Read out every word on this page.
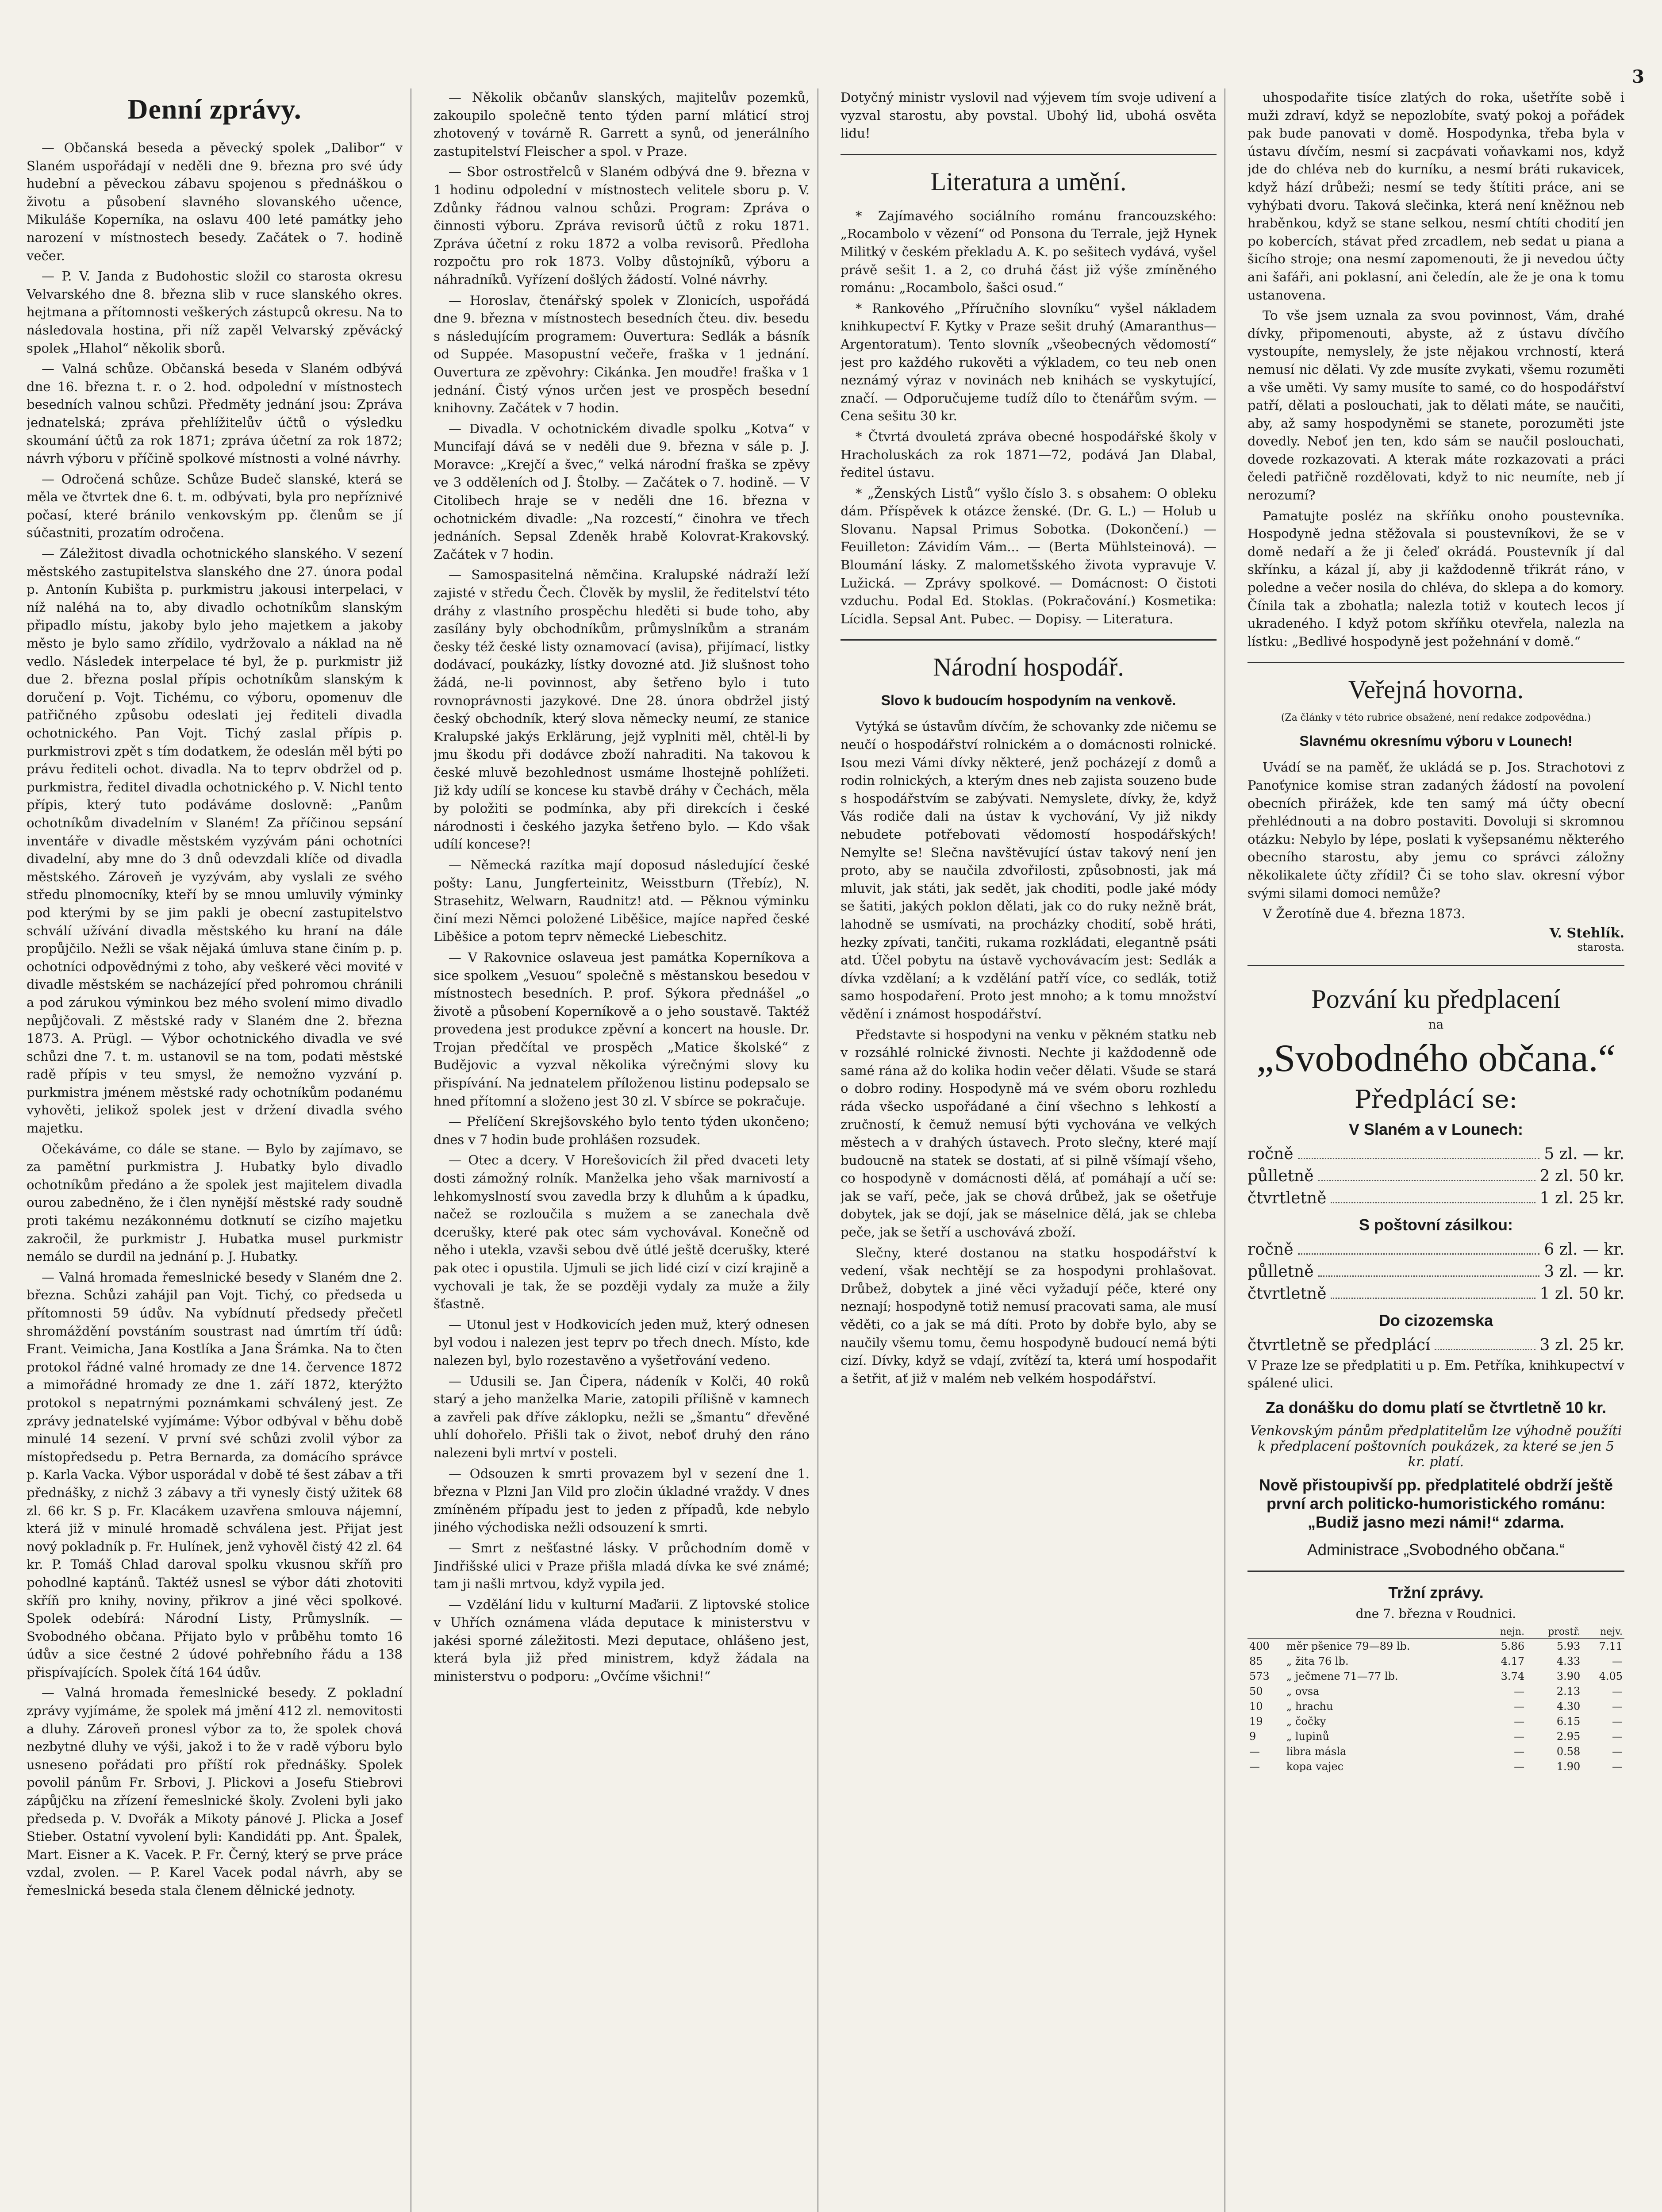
3
Denní zprávy.

— Občanská beseda a pěvecký spolek „Dalibor“ v Slaném uspořádají v neděli dne 9. března pro své údy hudební a pěveckou zábavu spojenou s přednáškou o životu a působení slavného slovanského učence, Mikuláše Koperníka, na oslavu 400 leté památky jeho narození v místnostech besedy. Začátek o 7. hodině večer.

— P. V. Janda z Budohostic složil co starosta okresu Velvarského dne 8. března slib v ruce slanského okres. hejtmana a přítomnosti veškerých zástupců okresu. Na to následovala hostina, při níž zapěl Velvarský zpěvácký spolek „Hlahol“ několik sborů.

— Valná schůze. Občanská beseda v Slaném odbývá dne 16. března t. r. o 2. hod. odpolední v místnostech besedních valnou schůzi. Předměty jednání jsou: Zpráva jednatelská; zpráva přehlížitelův účtů o výsledku skoumání účtů za rok 1871; zpráva účetní za rok 1872; návrh výboru v příčině spolkové místnosti a volné návrhy.

— Odročená schůze. Schůze Budeč slanské, která se měla ve čtvrtek dne 6. t. m. odbývati, byla pro nepříznivé počasí, které bránilo venkovským pp. členům se jí súčastniti, prozatím odročena.

— Záležitost divadla ochotnického slanského. V sezení městského zastupitelstva slanského dne 27. února podal p. Antonín Kubišta p. purkmistru jakousi interpelaci, v níž naléhá na to, aby divadlo ochotníkům slanským připadlo místu, jakoby bylo jeho majetkem a jakoby město je bylo samo zřídilo, vydržovalo a náklad na ně vedlo. Následek interpelace té byl, že p. purkmistr již due 2. března poslal přípis ochotníkům slanským k doručení p. Vojt. Tichému, co výboru, opomenuv dle patřičného způsobu odeslati jej řediteli divadla ochotnického. Pan Vojt. Tichý zaslal přípis p. purkmistrovi zpět s tím dodatkem, že odeslán měl býti po právu řediteli ochot. divadla. Na to teprv obdržel od p. purkmistra, ředitel divadla ochotnického p. V. Nichl tento přípis, který tuto podáváme doslovně: „Panům ochotníkům divadelním v Slaném! Za příčinou sepsání inventáře v divadle městském vyzývám páni ochotníci divadelní, aby mne do 3 dnů odevzdali klíče od divadla městského. Zároveň je vyzývám, aby vyslali ze svého středu plnomocníky, kteří by se mnou umluvily výminky pod kterými by se jim pakli je obecní zastupitelstvo schválí užívání divadla městského ku hraní na dále propůjčilo. Nežli se však nějaká úmluva stane činím p. p. ochotníci odpovědnými z toho, aby veškeré věci movité v divadle městském se nacházející před pohromou chránili a pod zárukou výminkou bez mého svolení mimo divadlo nepůjčovali. Z městské rady v Slaném dne 2. března 1873. A. Prügl. — Výbor ochotnického divadla ve své schůzi dne 7. t. m. ustanovil se na tom, podati městské radě přípis v teu smysl, že nemožno vyzvání p. purkmistra jménem městské rady ochotníkům podanému vyhověti, jelikož spolek jest v držení divadla svého majetku.

Očekáváme, co dále se stane. — Bylo by zajímavo, se za pamětní purkmistra J. Hubatky bylo divadlo ochotníkům předáno a že spolek jest majitelem divadla ourou zabedněno, že i člen nynější městské rady soudně proti takému nezákonnému dotknutí se cizího majetku zakročil, že purkmistr J. Hubatka musel purkmistr nemálo se durdil na jednání p. J. Hubatky.

— Valná hromada řemeslnické besedy v Slaném dne 2. března. Schůzi zahájil pan Vojt. Tichý, co předseda u přítomnosti 59 údův. Na vybídnutí předsedy přečetl shromáždění povstáním soustrast nad úmrtím tří údů: Frant. Veimicha, Jana Kostlíka a Jana Šrámka. Na to čten protokol řádné valné hromady ze dne 14. července 1872 a mimořádné hromady ze dne 1. září 1872, kterýžto protokol s nepatrnými poznámkami schválený jest. Ze zprávy jednatelské vyjímáme: Výbor odbýval v běhu době minulé 14 sezení. V první své schůzi zvolil výbor za místopředsedu p. Petra Bernarda, za domácího správce p. Karla Vacka. Výbor usporádal v době té šest zábav a tři přednášky, z nichž 3 zábavy a tři vynesly čistý užitek 68 zl. 66 kr. S p. Fr. Klacákem uzavřena smlouva nájemní, která již v minulé hromadě schválena jest. Přijat jest nový pokladník p. Fr. Hulínek, jenž vyhověl čistý 42 zl. 64 kr. P. Tomáš Chlad daroval spolku vkusnou skříň pro pohodlné kaptánů. Taktéž usnesl se výbor dáti zhotoviti skříň pro knihy, noviny, přikrov a jiné věci spolkové. Spolek odebírá: Národní Listy, Průmyslník. — Svobodného občana. Přijato bylo v průběhu tomto 16 údův a sice čestné 2 údové pohřebního řádu a 138 přispívajících. Spolek čítá 164 údův.

— Valná hromada řemeslnické besedy. Z pokladní zprávy vyjímáme, že spolek má jmění 412 zl. nemovitosti a dluhy. Zároveň pronesl výbor za to, že spolek chová nezbytné dluhy ve výši, jakož i to že v radě výboru bylo usneseno pořádati pro příští rok přednášky. Spolek povolil pánům Fr. Srbovi, J. Plickovi a Josefu Stiebrovi zápůjčku na zřízení řemeslnické školy. Zvoleni byli jako předseda p. V. Dvořák a Mikoty pánové J. Plicka a Josef Stieber. Ostatní vyvolení byli: Kandidáti pp. Ant. Špalek, Mart. Eisner a K. Vacek. P. Fr. Černý, který se prve práce vzdal, zvolen. — P. Karel Vacek podal návrh, aby se řemeslnická beseda stala členem dělnické jednoty.

— Několik občanův slanských, majitelův pozemků, zakoupilo společně tento týden parní mláticí stroj zhotovený v továrně R. Garrett a synů, od jenerálního zastupitelství Fleischer a spol. v Praze.

— Sbor ostrostřelců v Slaném odbývá dne 9. března v 1 hodinu odpolední v místnostech velitele sboru p. V. Zdůnky řádnou valnou schůzi. Program: Zpráva o činnosti výboru. Zpráva revisorů účtů z roku 1871. Zpráva účetní z roku 1872 a volba revisorů. Předloha rozpočtu pro rok 1873. Volby důstojníků, výboru a náhradníků. Vyřízení došlých žádostí. Volné návrhy.

— Horoslav, čtenářský spolek v Zlonicích, uspořádá dne 9. března v místnostech besedních čteu. div. besedu s následujícím programem: Ouvertura: Sedlák a básník od Suppée. Masopustní večeře, fraška v 1 jednání. Ouvertura ze zpěvohry: Cikánka. Jen moudře! fraška v 1 jednání. Čistý výnos určen jest ve prospěch besední knihovny. Začátek v 7 hodin.

— Divadla. V ochotnickém divadle spolku „Kotva“ v Muncifají dává se v neděli due 9. března v sále p. J. Moravce: „Krejčí a švec,“ velká národní fraška se zpěvy ve 3 odděleních od J. Štolby. — Začátek o 7. hodině. — V Citolibech hraje se v neděli dne 16. března v ochotnickém divadle: „Na rozcestí,“ činohra ve třech jednáních. Sepsal Zdeněk hrabě Kolovrat-Krakovský. Začátek v 7 hodin.

— Samospasitelná němčina. Kralupské nádraží leží zajisté v středu Čech. Člověk by myslil, že ředitelství této dráhy z vlastního prospěchu hleděti si bude toho, aby zasílány byly obchodníkům, průmyslníkům a stranám česky též české listy oznamovací (avisa), přijímací, listky dodávací, poukázky, lístky dovozné atd. Již slušnost toho žádá, ne-li povinnost, aby šetřeno bylo i tuto rovnoprávnosti jazykové. Dne 28. února obdržel jistý český obchodník, který slova německy neumí, ze stanice Kralupské jakýs Erklärung, jejž vyplniti měl, chtěl-li by jmu škodu při dodávce zboží nahraditi. Na takovou k české mluvě bezohlednost usmáme lhostejně pohlížeti. Již kdy udílí se koncese ku stavbě dráhy v Čechách, měla by položiti se podmínka, aby při direkcích i české národnosti i českého jazyka šetřeno bylo. — Kdo však udílí koncese?!

— Německá razítka mají doposud následující české pošty: Lanu, Jungferteinitz, Weisstburn (Třebíz), N. Strasehitz, Welwarn, Raudnitz! atd. — Pěknou výminku činí mezi Němci položené Liběšice, majíce napřed české Liběšice a potom teprv německé Liebeschitz.

— V Rakovnice oslaveua jest památka Koperníkova a sice spolkem „Vesuou“ společně s městanskou besedou v místnostech besedních. P. prof. Sýkora přednášel „o životě a působení Koperníkově a o jeho soustavě. Taktéž provedena jest produkce zpěvní a koncert na housle. Dr. Trojan předčítal ve prospěch „Matice školské“ z Budějovic a vyzval několika výrečnými slovy ku přispívání. Na jednatelem příloženou listinu podepsalo se hned přítomní a složeno jest 30 zl. V sbírce se pokračuje.

— Přelíčení Skrejšovského bylo tento týden ukončeno; dnes v 7 hodin bude prohlášen rozsudek.

— Otec a dcery. V Horešovicích žil před dvaceti lety dosti zámožný rolník. Manželka jeho však marnivostí a lehkomyslností svou zavedla brzy k dluhům a k úpadku, načež se rozloučila s mužem a se zanechala dvě dcerušky, které pak otec sám vychovával. Konečně od něho i utekla, vzavši sebou dvě útlé ještě dcerušky, které pak otec i opustila. Ujmuli se jich lidé cizí v cizí krajině a vychovali je tak, že se později vydaly za muže a žily šťastně.

— Utonul jest v Hodkovicích jeden muž, který odnesen byl vodou i nalezen jest teprv po třech dnech. Místo, kde nalezen byl, bylo rozestavěno a vyšetřování vedeno.

— Udusili se. Jan Čipera, nádeník v Kolči, 40 roků starý a jeho manželka Marie, zatopili přílišně v kamnech a zavřeli pak dříve záklopku, nežli se „šmantu“ dřevěné uhlí dohořelo. Přišli tak o život, neboť druhý den ráno nalezeni byli mrtví v posteli.

— Odsouzen k smrti provazem byl v sezení dne 1. března v Plzni Jan Vild pro zločin úkladné vraždy. V dnes zmíněném případu jest to jeden z případů, kde nebylo jiného východiska nežli odsouzení k smrti.

— Smrt z nešťastné lásky. V průchodním domě v Jindřišské ulici v Praze přišla mladá dívka ke své známé; tam ji našli mrtvou, když vypila jed.

— Vzdělání lidu v kulturní Maďarii. Z liptovské stolice v Uhřích oznámena vláda deputace k ministerstvu v jakési sporné záležitosti. Mezi deputace, ohlášeno jest, která byla již před ministrem, když žádala na ministerstvu o podporu: „Ovčíme všichni!“

Dotyčný ministr vyslovil nad výjevem tím svoje udivení a vyzval starostu, aby povstal. Ubohý lid, ubohá osvěta lidu!

Literatura a umění.

* Zajímavého sociálního románu francouzského: „Rocambolo v vězení“ od Ponsona du Terrale, jejž Hynek Militký v českém překladu A. K. po sešitech vydává, vyšel právě sešit 1. a 2, co druhá část již výše zmíněného románu: „Rocambolo, šašci osud.“

* Rankového „Příručního slovníku“ vyšel nákladem knihkupectví F. Kytky v Praze sešit druhý (Amaranthus—Argentoratum). Tento slovník „všeobecných vědomostí“ jest pro každého rukověti a výkladem, co teu neb onen neznámý výraz v novinách neb knihách se vyskytující, značí. — Odporučujeme tudíž dílo to čtenářům svým. — Cena sešitu 30 kr.

* Čtvrtá dvouletá zpráva obecné hospodářské školy v Hracholuskách za rok 1871—72, podává Jan Dlabal, ředitel ústavu.

* „Ženských Listů“ vyšlo číslo 3. s obsahem: O obleku dám. Příspěvek k otázce ženské. (Dr. G. L.) — Holub u Slovanu. Napsal Primus Sobotka. (Dokončení.) — Feuilleton: Závidím Vám... — (Berta Mühlsteinová). — Bloumání lásky. Z malometšského života vypravuje V. Lužická. — Zprávy spolkové. — Domácnost: O čistoti vzduchu. Podal Ed. Stoklas. (Pokračování.) Kosmetika: Lícidla. Sepsal Ant. Pubec. — Dopisy. — Literatura.

Národní hospodář.
Slovo k budoucím hospodyním na venkově.

Vytýká se ústavům dívčím, že schovanky zde ničemu se neučí o hospodářství rolnickém a o domácnosti rolnické. Isou mezi Vámi dívky některé, jenž pocházejí z domů a rodin rolnických, a kterým dnes neb zajista souzeno bude s hospodářstvím se zabývati. Nemyslete, dívky, že, když Vás rodiče dali na ústav k vychování, Vy již nikdy nebudete potřebovati vědomostí hospodářských! Nemylte se! Slečna navštěvující ústav takový není jen proto, aby se naučila zdvořilosti, způsobnosti, jak má mluvit, jak státi, jak sedět, jak choditi, podle jaké módy se šatiti, jakých poklon dělati, jak co do ruky nežně brát, lahodně se usmívati, na procházky chodití, sobě hráti, hezky zpívati, tančiti, rukama rozkládati, elegantně psáti atd. Účel pobytu na ústavě vychovávacím jest: Sedlák a dívka vzdělaní; a k vzdělání patří více, co sedlák, totiž samo hospodaření. Proto jest mnoho; a k tomu množství vědění i známost hospodářství.

Představte si hospodyni na venku v pěkném statku neb v rozsáhlé rolnické živnosti. Nechte ji každodenně ode samé rána až do kolika hodin večer dělati. Všude se stará o dobro rodiny. Hospodyně má ve svém oboru rozhledu ráda všecko uspořádané a činí všechno s lehkostí a zručností, k čemuž nemusí býti vychována ve velkých městech a v drahých ústavech. Proto slečny, které mají budoucně na statek se dostati, ať si pilně všímají všeho, co hospodyně v domácnosti dělá, ať pomáhají a učí se: jak se vaří, peče, jak se chová drůbež, jak se ošetřuje dobytek, jak se dojí, jak se máselnice dělá, jak se chleba peče, jak se šetří a uschovává zboží.

Slečny, které dostanou na statku hospodářství k vedení, však nechtějí se za hospodyni prohlašovat. Drůbež, dobytek a jiné věci vyžadují péče, které ony neznají; hospodyně totiž nemusí pracovati sama, ale musí věděti, co a jak se má díti. Proto by dobře bylo, aby se naučily všemu tomu, čemu hospodyně budoucí nemá býti cizí. Dívky, když se vdají, zvítězí ta, která umí hospodařit a šetřit, ať již v malém neb velkém hospodářství.

uhospodařite tisíce zlatých do roka, ušetříte sobě i muži zdraví, když se nepozlobíte, svatý pokoj a pořádek pak bude panovati v domě. Hospodynka, třeba byla v ústavu dívčím, nesmí si zacpávati voňavkami nos, když jde do chléva neb do kurníku, a nesmí bráti rukavicek, když hází drůbeži; nesmí se tedy štítiti práce, ani se vyhýbati dvoru. Taková slečinka, která není kněžnou neb hraběnkou, když se stane selkou, nesmí chtíti chodití jen po kobercích, stávat před zrcadlem, neb sedat u piana a šicího stroje; ona nesmí zapomenouti, že ji nevedou účty ani šafáři, ani poklasní, ani čeledín, ale že je ona k tomu ustanovena.

To vše jsem uznala za svou povinnost, Vám, drahé dívky, připomenouti, abyste, až z ústavu dívčího vystoupíte, nemyslely, že jste nějakou vrchností, která nemusí nic dělati. Vy zde musíte zvykati, všemu rozuměti a vše uměti. Vy samy musíte to samé, co do hospodářství patří, dělati a poslouchati, jak to dělati máte, se naučiti, aby, až samy hospodyněmi se stanete, porozuměti jste dovedly. Neboť jen ten, kdo sám se naučil poslouchati, dovede rozkazovati. A kterak máte rozkazovati a práci čeledi patřičně rozdělovati, když to nic neumíte, neb jí nerozumí?

Pamatujte posléz na skříňku onoho poustevníka. Hospodyně jedna stěžovala si poustevníkovi, že se v domě nedaří a že ji čeleď okrádá. Poustevník jí dal skřínku, a kázal jí, aby ji každodenně třikrát ráno, v poledne a večer nosila do chléva, do sklepa a do komory. Čínila tak a zbohatla; nalezla totiž v koutech lecos jí ukradeného. I když potom skříňku otevřela, nalezla na lístku: „Bedlivé hospodyně jest požehnání v domě.“

Veřejná hovorna.
(Za články v této rubrice obsažené, není redakce zodpovědna.)
Slavnému okresnímu výboru v Lounech!

Uvádí se na paměť, že ukládá se p. Jos. Strachotovi z Panoťynice komise stran zadaných žádostí na povolení obecních přirážek, kde ten samý má účty obecní přehlédnouti a na dobro postaviti. Dovoluji si skromnou otázku: Nebylo by lépe, poslati k vyšepsanému některého obecního starostu, aby jemu co správci záložny několikalete účty zřídil? Či se toho slav. okresní výbor svými silami domoci nemůže?

V Žerotíně due 4. března 1873.

V. Stehlík.
starosta.
Pozvání ku předplacení
na
„Svobodného občana.“
Předplácí se:
V Slaném a v Lounech:
ročně	5 zl. — kr.
půlletně	2 zl. 50 kr.
čtvrtletně	1 zl. 25 kr.
S poštovní zásilkou:
ročně	6 zl. — kr.
půlletně	3 zl. — kr.
čtvrtletně	1 zl. 50 kr.
Do cizozemska
čtvrtletně se předplácí	3 zl. 25 kr.

V Praze lze se předplatiti u p. Em. Petříka, knihkupectví v spálené ulici.

Za donášku do domu platí se čtvrtletně 10 kr.
Venkovským pánům předplatitelům lze výhodně použíti k předplacení poštovních poukázek, za které se jen 5 kr. platí.
Nově přistoupivší pp. předplatitelé obdrží ještě první arch politicko-humoristického románu: „Budiž jasno mezi námi!“ zdarma.
Administrace „Svobodného občana.“
Tržní zprávy.
dne 7. března v Roudnici.
		nejn.	prostř.	nejv.
400	měr pšenice 79—89 lb.	5.86	5.93	7.11
85	„ žita 76 lb.	4.17	4.33	—
573	„ ječmene 71—77 lb.	3.74	3.90	4.05
50	„ ovsa	—	2.13	—
10	„ hrachu	—	4.30	—
19	„ čočky	—	6.15	—
9	„ lupinů	—	2.95	—
—	libra másla	—	0.58	—
—	kopa vajec	—	1.90	—
